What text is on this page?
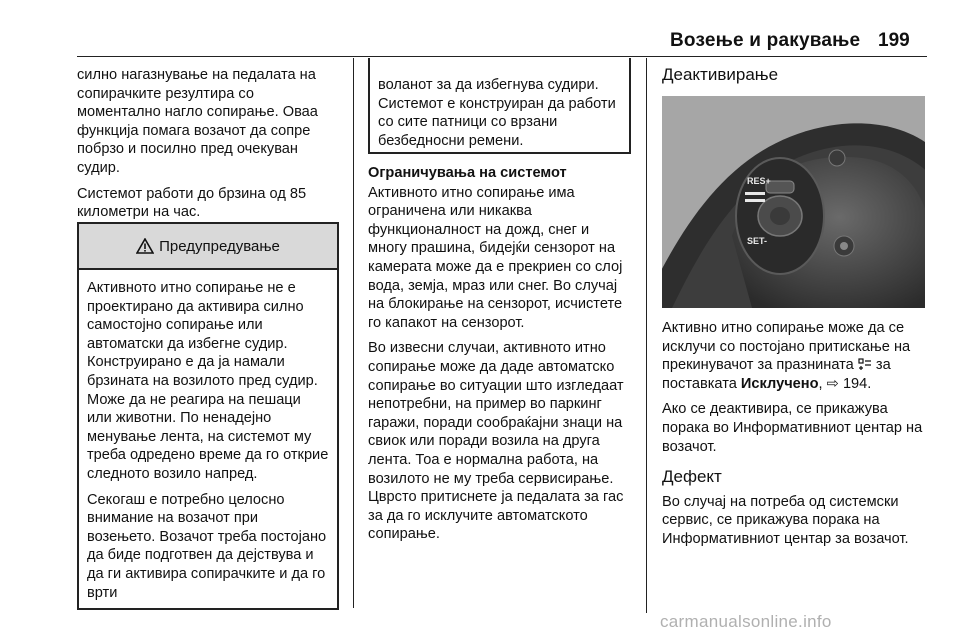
Возење и ракување 199

силно нагазнување на педалата на сопирачките резултира со моментално нагло сопирање. Оваа функција помага возачот да сопре побрзо и посилно пред очекуван судир.

Системот работи до брзина од 85 километри на час.

Предупредување

Активното итно сопирање не е проектирано да активира силно самостојно сопирање или автоматски да избегне судир. Конструирано е да ја намали брзината на возилото пред судир. Може да не реагира на пешаци или животни. По ненадејно менување лента, на системот му треба одредено време да го открие следното возило напред.

Секогаш е потребно целосно внимание на возачот при возењето. Возачот треба постојано да биде подготвен да дејствува и да ги активира сопирачките и да го врти

воланот за да избегнува судири. Системот е конструиран да работи со сите патници со врзани безбедносни ремени.
Ограничувања на системот

Активното итно сопирање има ограничена или никаква функционалност на дожд, снег и многу прашина, бидејќи сензорот на камерата може да е прекриен со слој вода, земја, мраз или снег. Во случај на блокирање на сензорот, исчистете го капакот на сензорот.

Во извесни случаи, активното итно сопирање може да даде автоматско сопирање во ситуации што изгледаат непотребни, на пример во паркинг гаражи, поради сообраќајни знаци на свиок или поради возила на друга лента. Тоа е нормална работа, на возилото не му треба сервисирање. Цврсто притиснете ја педалата за гас за да го исклучите автоматското сопирање.

Деактивирање
RES+
SET-

Активно итно сопирање може да се исклучи со постојано притискање на прекинувачот за празнината за поставката Исклучено, ⇨ 194.

Ако се деактивира, се прикажува порака во Информативниот центар на возачот.

Дефект

Во случај на потреба од системски сервис, се прикажува порака на Информативниот центар за возачот.

carmanualsonline.info
